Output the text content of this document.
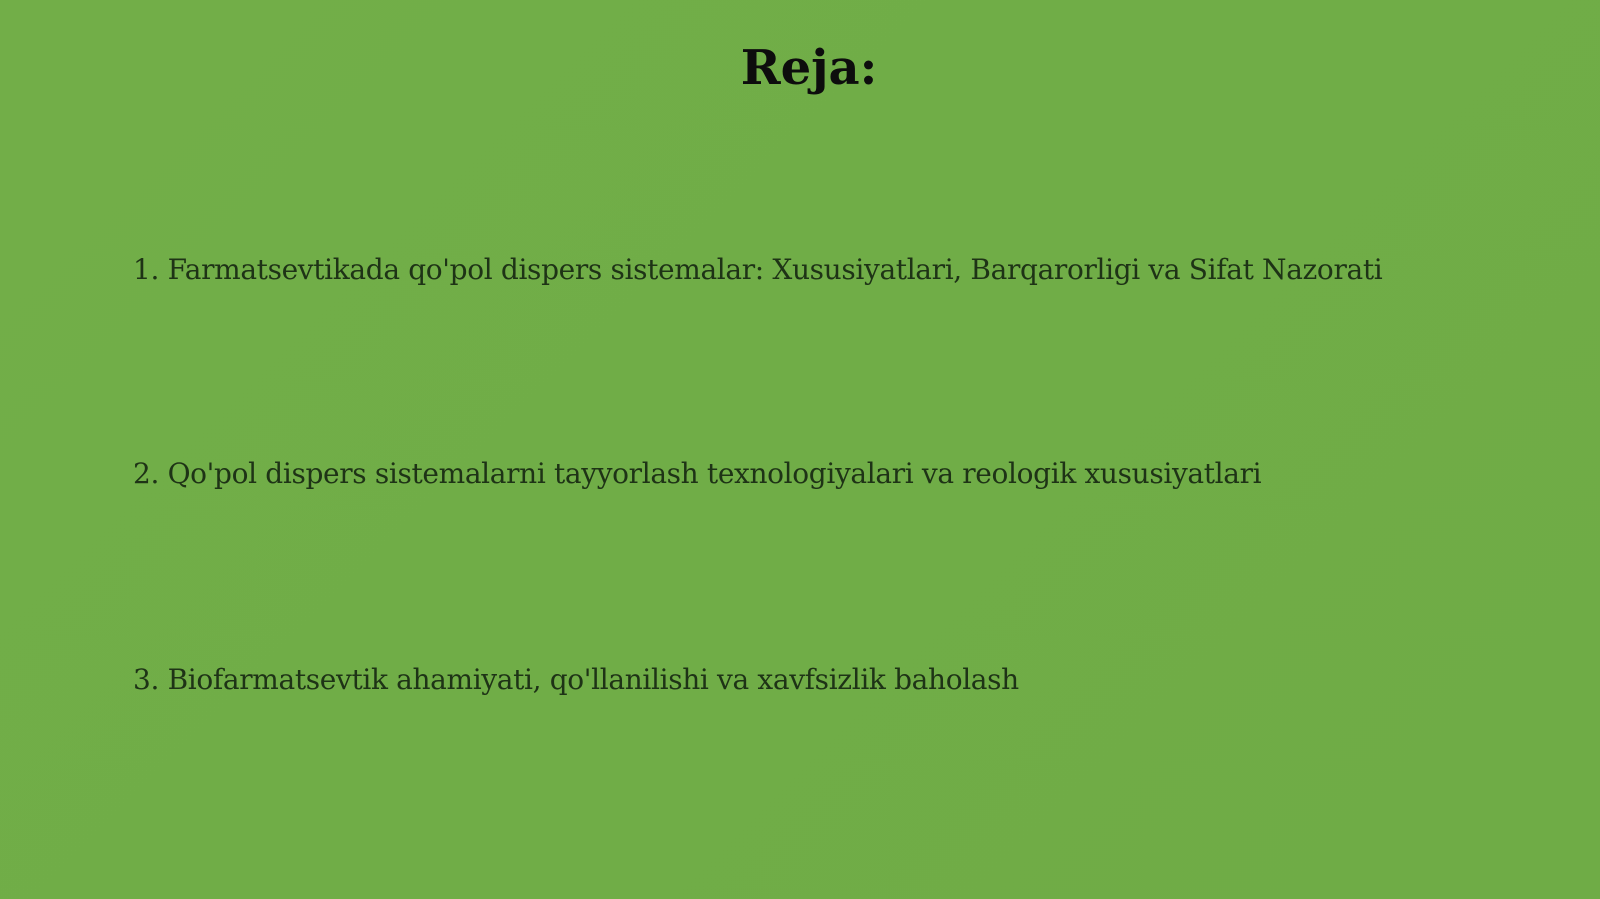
Reja:
1. Farmatsevtikada qo'pol dispers sistemalar: Xususiyatlari, Barqarorligi va Sifat Nazorati
2. Qo'pol dispers sistemalarni tayyorlash texnologiyalari va reologik xususiyatlari
3. Biofarmatsevtik ahamiyati, qo'llanilishi va xavfsizlik baholash
